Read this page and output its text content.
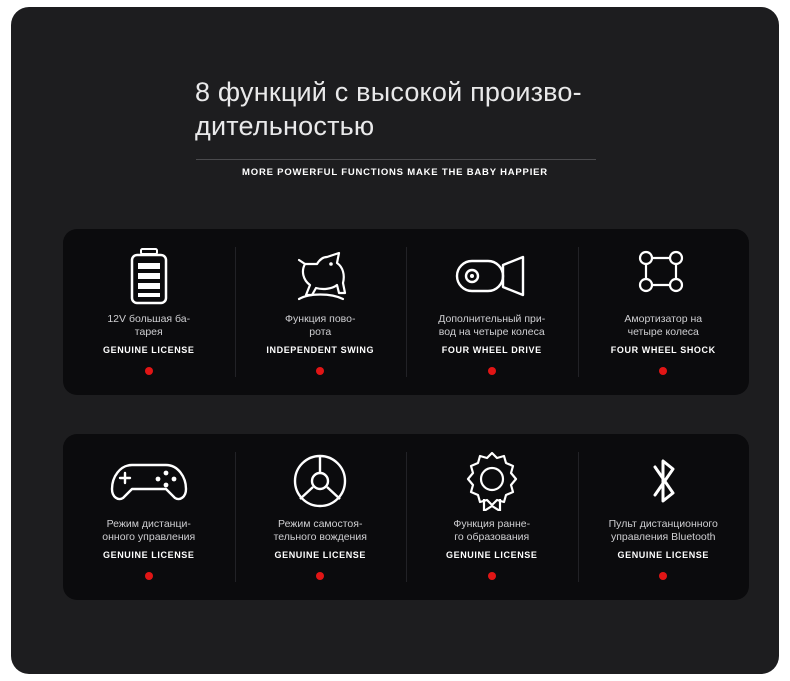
8 функций с высокой произво-
дительностью
MORE POWERFUL FUNCTIONS MAKE THE BABY HAPPIER
12V большая ба-
тарея
GENUINE LICENSE
Функция пово-
рота
INDEPENDENT SWING
Дополнительный при-
вод на четыре колеса
FOUR WHEEL DRIVE
Амортизатор на
четыре колеса
FOUR WHEEL SHOCK
Режим дистанци-
онного управления
GENUINE LICENSE
Режим самостоя-
тельного вождения
GENUINE LICENSE
Функция ранне-
го образования
GENUINE LICENSE
Пульт дистанционного
управления Bluetooth
GENUINE LICENSE
